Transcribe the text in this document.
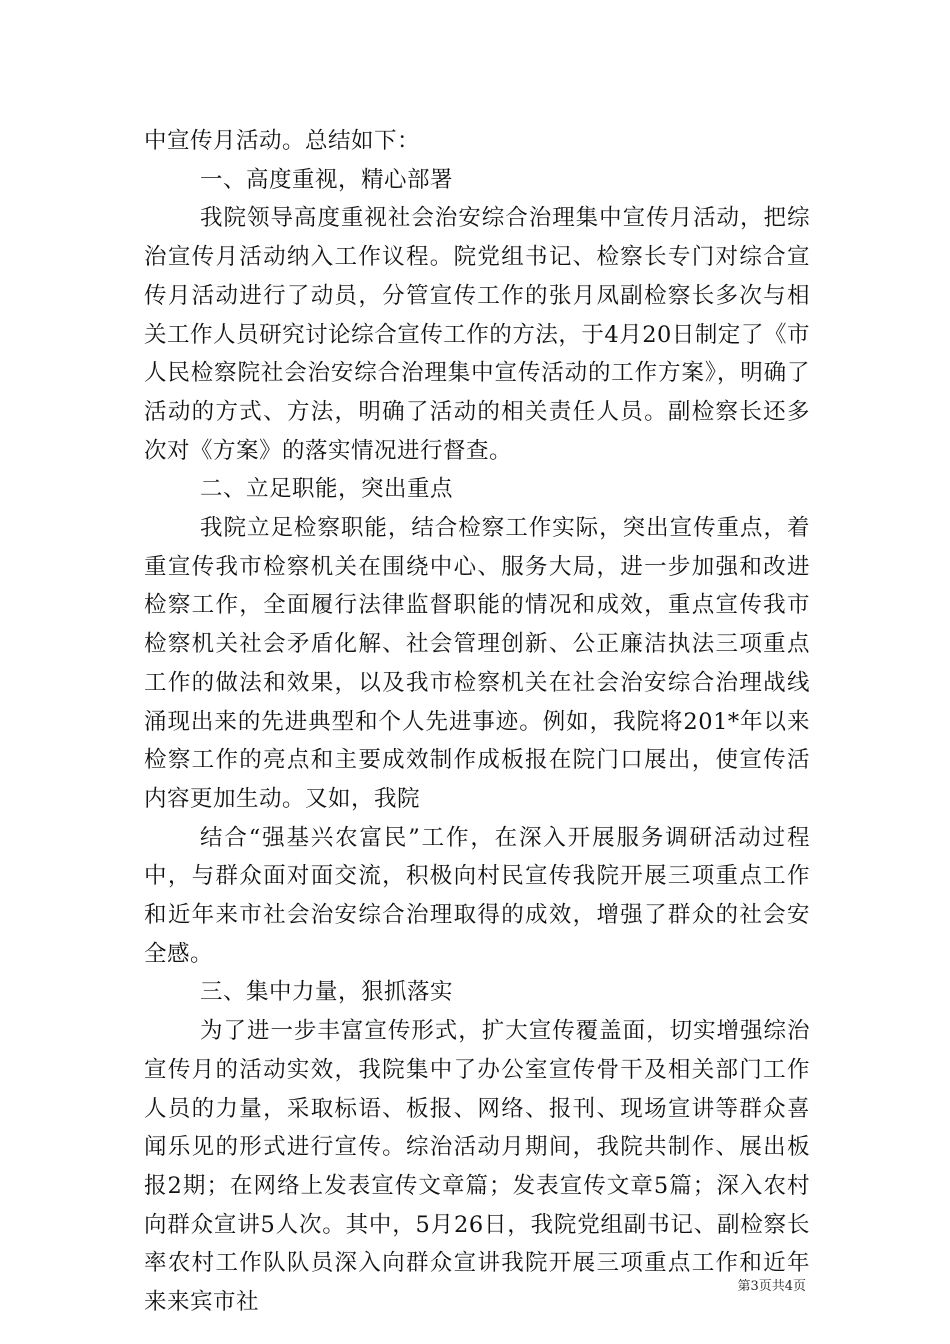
中宣传月活动。总结如下：

一、高度重视，精心部署

我院领导高度重视社会治安综合治理集中宣传月活动，把综治宣传月活动纳入工作议程。院党组书记、检察长专门对综合宣传月活动进行了动员，分管宣传工作的张月凤副检察长多次与相关工作人员研究讨论综合宣传工作的方法，于4月20日制定了《市人民检察院社会治安综合治理集中宣传活动的工作方案》，明确了活动的方式、方法，明确了活动的相关责任人员。副检察长还多次对《方案》的落实情况进行督查。

二、立足职能，突出重点

我院立足检察职能，结合检察工作实际，突出宣传重点，着重宣传我市检察机关在围绕中心、服务大局，进一步加强和改进检察工作，全面履行法律监督职能的情况和成效，重点宣传我市检察机关社会矛盾化解、社会管理创新、公正廉洁执法三项重点工作的做法和效果，以及我市检察机关在社会治安综合治理战线涌现出来的先进典型和个人先进事迹。例如，我院将201*年以来检察工作的亮点和主要成效制作成板报在院门口展出，使宣传活内容更加生动。又如，我院

结合“强基兴农富民”工作，在深入开展服务调研活动过程中，与群众面对面交流，积极向村民宣传我院开展三项重点工作和近年来市社会治安综合治理取得的成效，增强了群众的社会安全感。

三、集中力量，狠抓落实

为了进一步丰富宣传形式，扩大宣传覆盖面，切实增强综治宣传月的活动实效，我院集中了办公室宣传骨干及相关部门工作人员的力量，采取标语、板报、网络、报刊、现场宣讲等群众喜闻乐见的形式进行宣传。综治活动月期间，我院共制作、展出板报2期；在网络上发表宣传文章篇；发表宣传文章5篇；深入农村向群众宣讲5人次。其中，5月26日，我院党组副书记、副检察长率农村工作队队员深入向群众宣讲我院开展三项重点工作和近年来来宾市社

第3页共4页
